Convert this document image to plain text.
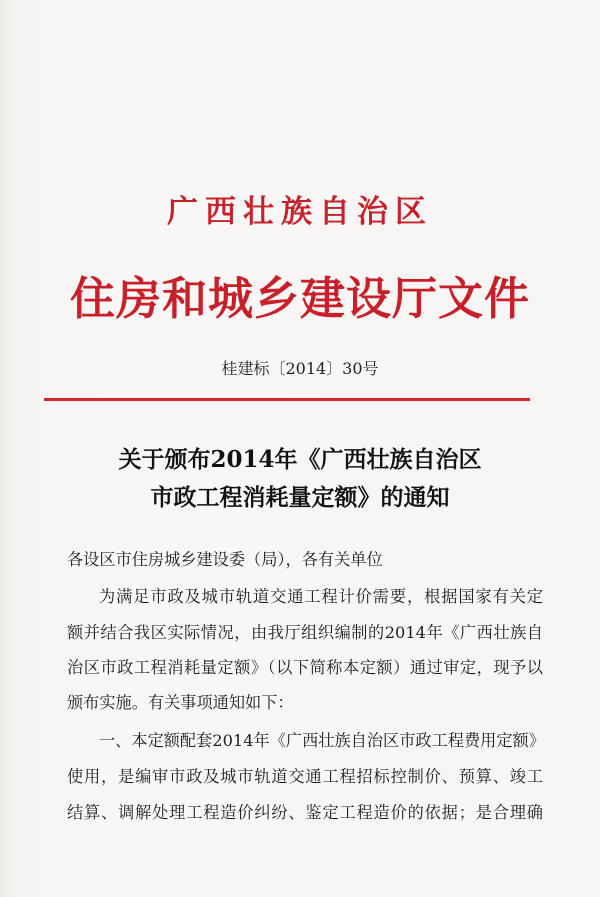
广西壮族自治区
住房和城乡建设厅文件
桂建标〔2014〕30号
关于颁布2014年《广西壮族自治区
市政工程消耗量定额》的通知
各设区市住房城乡建设委（局），各有关单位
为满足市政及城市轨道交通工程计价需要，根据国家有关定
额并结合我区实际情况，由我厅组织编制的2014年《广西壮族自
治区市政工程消耗量定额》（以下简称本定额）通过审定，现予以
颁布实施。有关事项通知如下：
一、本定额配套2014年《广西壮族自治区市政工程费用定额》
使用，是编审市政及城市轨道交通工程招标控制价、预算、竣工
结算、调解处理工程造价纠纷、鉴定工程造价的依据；是合理确
